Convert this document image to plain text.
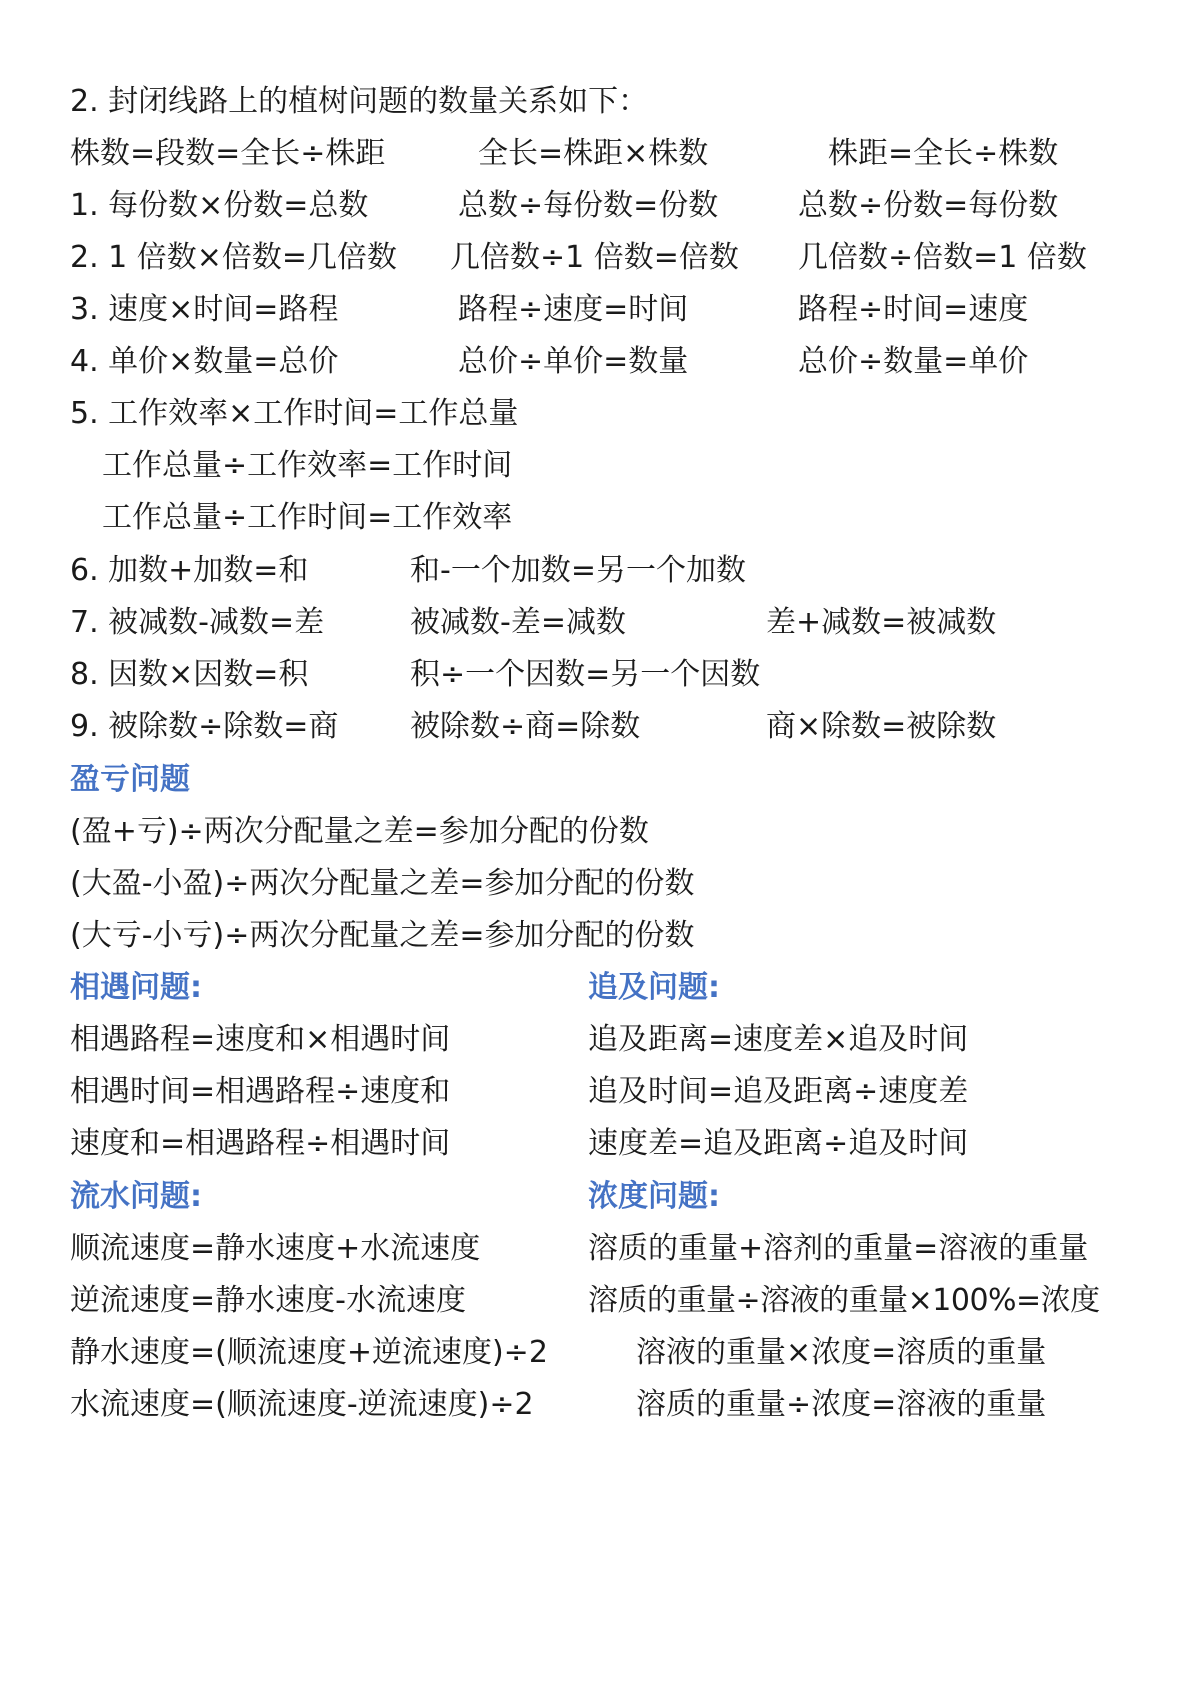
2. 封闭线路上的植树问题的数量关系如下：
株数=段数=全长÷株距	全长=株距×株数	株距=全长÷株数
1. 每份数×份数=总数	总数÷每份数=份数	总数÷份数=每份数
2. 1 倍数×倍数=几倍数 几倍数÷1 倍数=倍数 几倍数÷倍数=1 倍数
3. 速度×时间=路程	路程÷速度=时间	路程÷时间=速度
4. 单价×数量=总价	总价÷单价=数量	总价÷数量=单价
5. 工作效率×工作时间=工作总量
工作总量÷工作效率=工作时间
工作总量÷工作时间=工作效率
6. 加数+加数=和	和-一个加数=另一个加数
7. 被减数-减数=差	被减数-差=减数	差+减数=被减数
8. 因数×因数=积	积÷一个因数=另一个因数
9. 被除数÷除数=商 被除数÷商=除数	商×除数=被除数
盈亏问题
(盈+亏)÷两次分配量之差=参加分配的份数
(大盈-小盈)÷两次分配量之差=参加分配的份数
(大亏-小亏)÷两次分配量之差=参加分配的份数
相遇问题:	追及问题:
相遇路程=速度和×相遇时间	追及距离=速度差×追及时间
相遇时间=相遇路程÷速度和	追及时间=追及距离÷速度差
速度和=相遇路程÷相遇时间	速度差=追及距离÷追及时间
流水问题:	浓度问题:
顺流速度=静水速度+水流速度	溶质的重量+溶剂的重量=溶液的重量
逆流速度=静水速度-水流速度	溶质的重量÷溶液的重量×100%=浓度
静水速度=(顺流速度+逆流速度)÷2	溶液的重量×浓度=溶质的重量
水流速度=(顺流速度-逆流速度)÷2	溶质的重量÷浓度=溶液的重量
